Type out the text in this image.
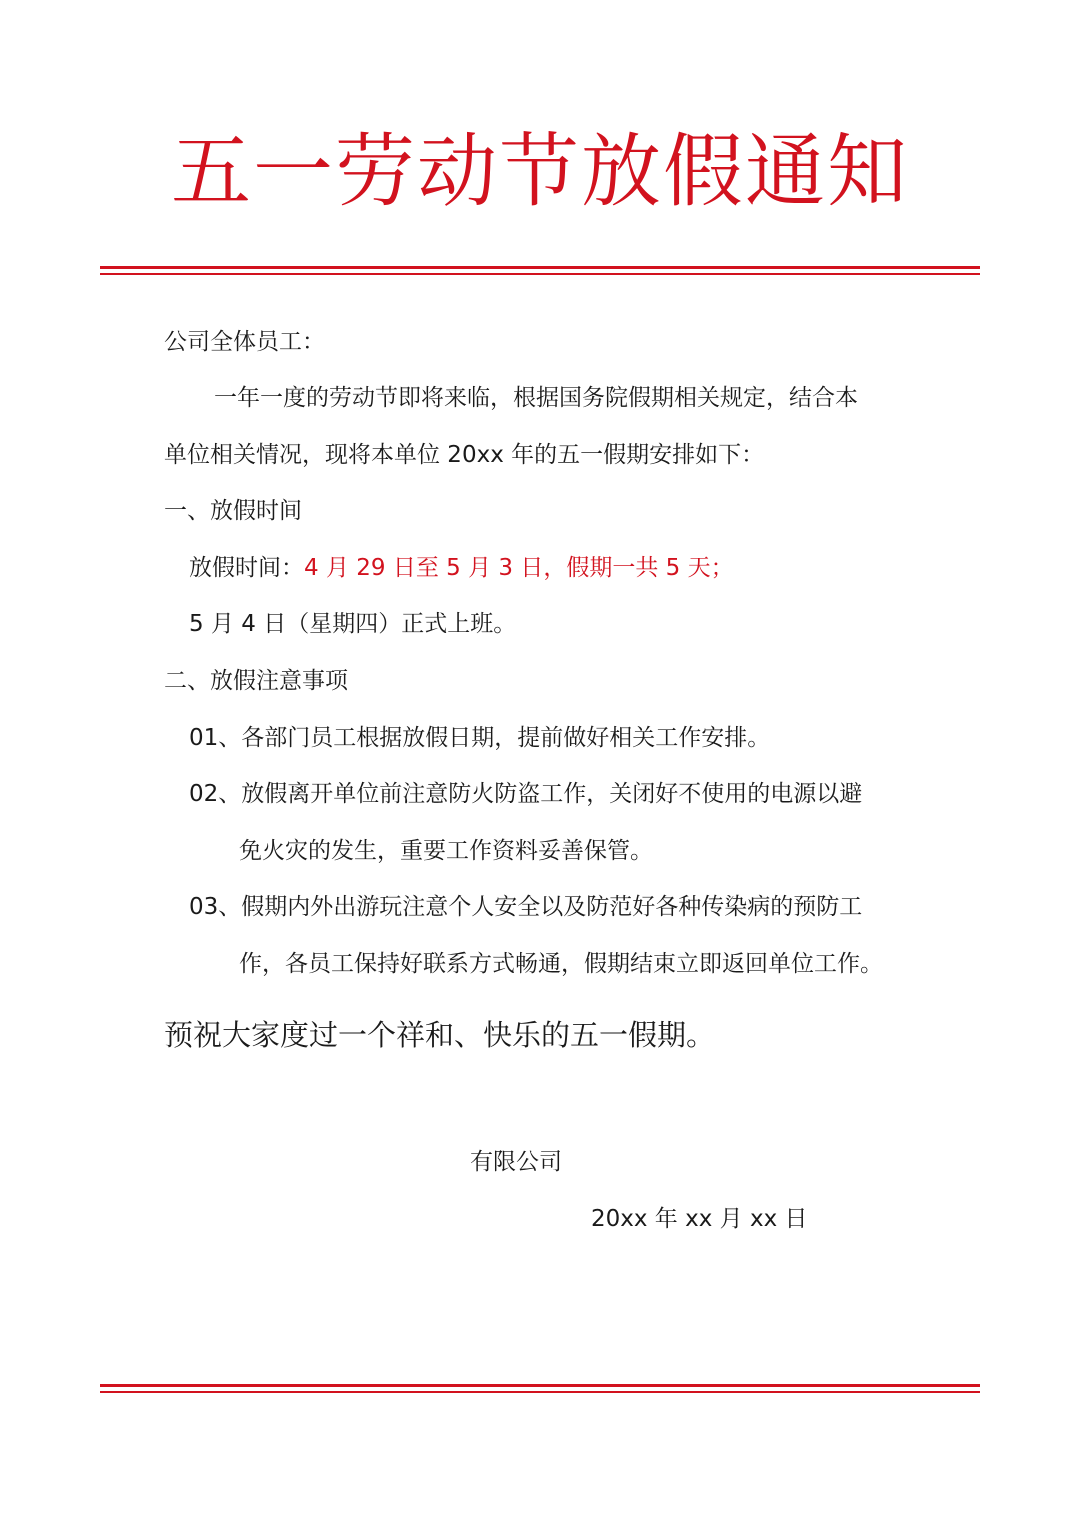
五一劳动节放假通知
公司全体员工：
一年一度的劳动节即将来临，根据国务院假期相关规定，结合本
单位相关情况，现将本单位 20xx 年的五一假期安排如下：
一、放假时间
放假时间：4 月 29 日至 5 月 3 日，假期一共 5 天；
5 月 4 日（星期四）正式上班。
二、放假注意事项
01、各部门员工根据放假日期，提前做好相关工作安排。
02、放假离开单位前注意防火防盗工作，关闭好不使用的电源以避
免火灾的发生，重要工作资料妥善保管。
03、假期内外出游玩注意个人安全以及防范好各种传染病的预防工
作，各员工保持好联系方式畅通，假期结束立即返回单位工作。
预祝大家度过一个祥和、快乐的五一假期。
有限公司
20xx 年 xx 月 xx 日
